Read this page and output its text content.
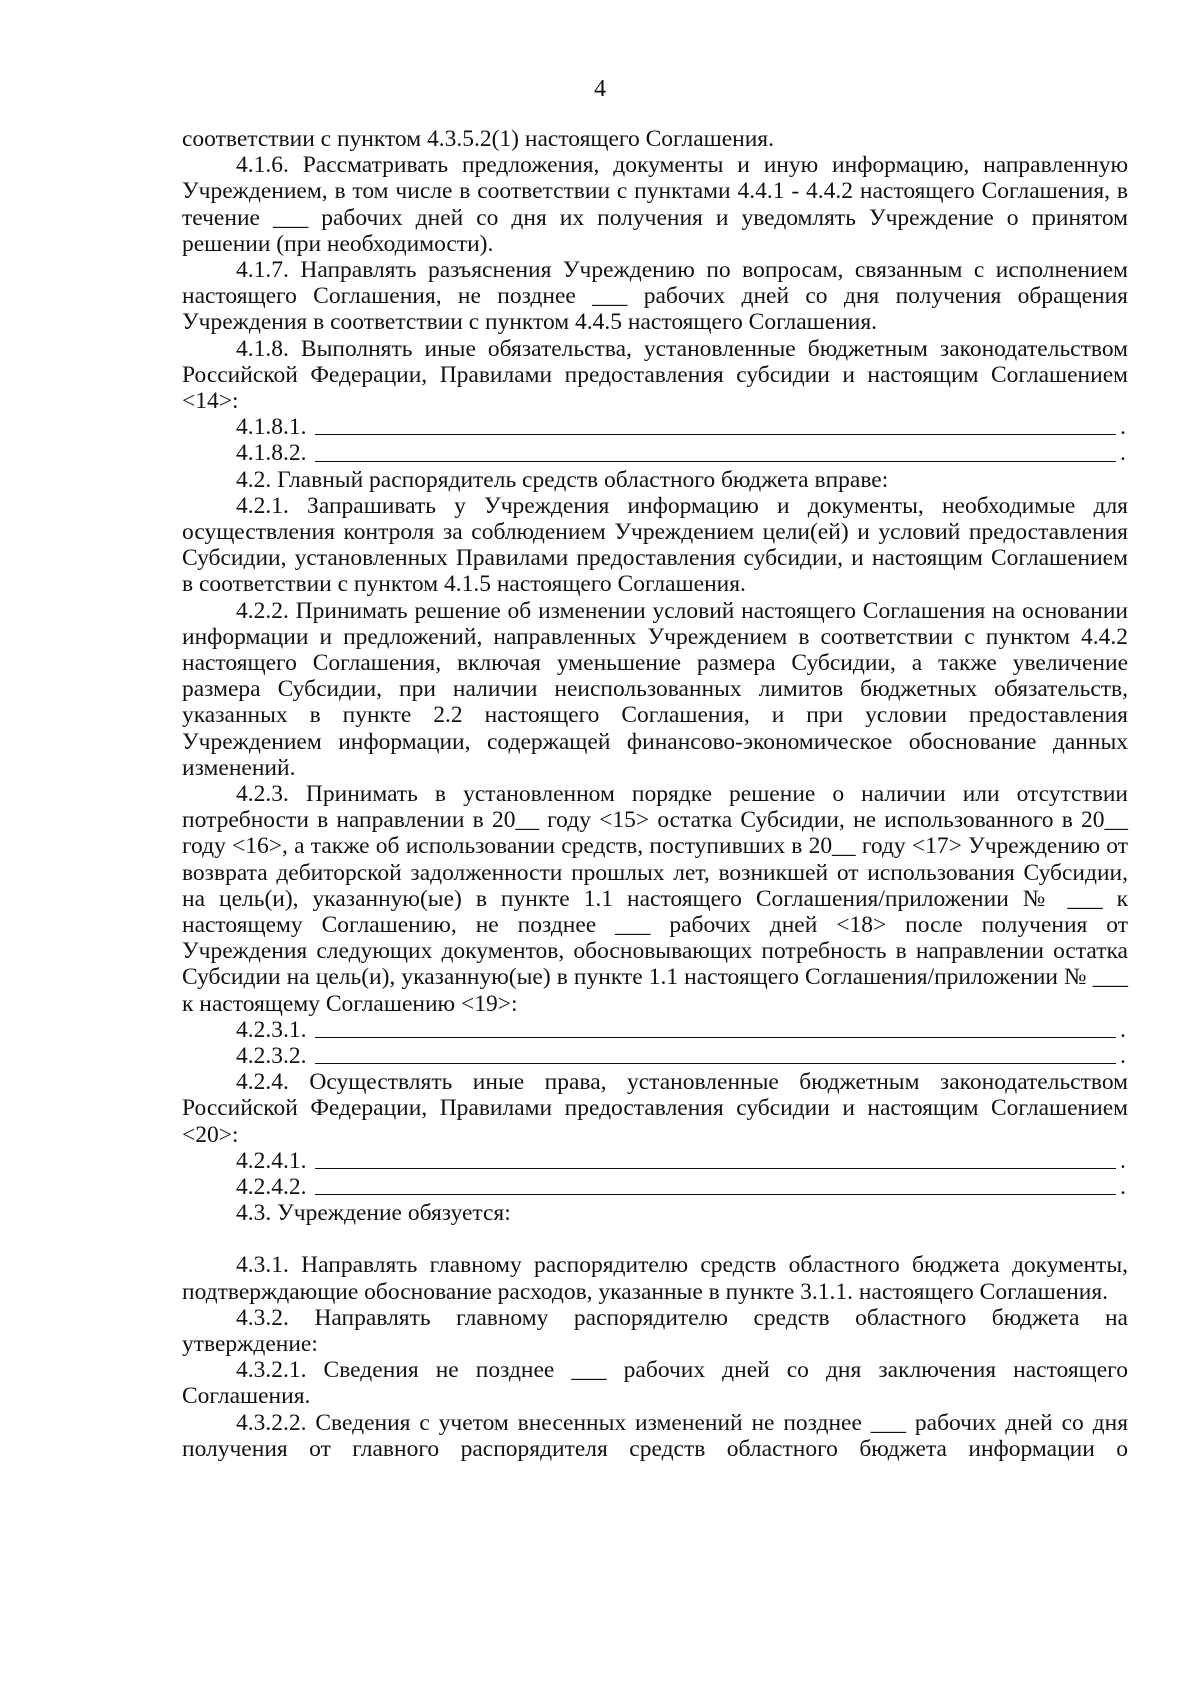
4

соответствии с пунктом 4.3.5.2(1) настоящего Соглашения.

4.1.6. Рассматривать предложения, документы и иную информацию, направленную Учреждением, в том числе в соответствии с пунктами 4.4.1 - 4.4.2 настоящего Соглашения, в течение ___ рабочих дней со дня их получения и уведомлять Учреждение о принятом решении (при необходимости).

4.1.7. Направлять разъяснения Учреждению по вопросам, связанным с исполнением настоящего Соглашения, не позднее ___ рабочих дней со дня получения обращения Учреждения в соответствии с пунктом 4.4.5 настоящего Соглашения.

4.1.8. Выполнять иные обязательства, установленные бюджетным законодательством Российской Федерации, Правилами предоставления субсидии и настоящим Соглашением <14>:

4.1.8.1.	.
4.1.8.2.	.

4.2. Главный распорядитель средств областного бюджета вправе:

4.2.1. Запрашивать у Учреждения информацию и документы, необходимые для осуществления контроля за соблюдением Учреждением цели(ей) и условий предоставления Субсидии, установленных Правилами предоставления субсидии, и настоящим Соглашением в соответствии с пунктом 4.1.5 настоящего Соглашения.

4.2.2. Принимать решение об изменении условий настоящего Соглашения на основании информации и предложений, направленных Учреждением в соответствии с пунктом 4.4.2 настоящего Соглашения, включая уменьшение размера Субсидии, а также увеличение размера Субсидии, при наличии неиспользованных лимитов бюджетных обязательств, указанных в пункте 2.2 настоящего Соглашения, и при условии предоставления Учреждением информации, содержащей финансово-экономическое обоснование данных изменений.

4.2.3. Принимать в установленном порядке решение о наличии или отсутствии потребности в направлении в 20__ году <15> остатка Субсидии, не использованного в 20__ году <16>, а также об использовании средств, поступивших в 20__ году <17> Учреждению от возврата дебиторской задолженности прошлых лет, возникшей от использования Субсидии, на цель(и), указанную(ые) в пункте 1.1 настоящего Соглашения/приложении № ___ к настоящему Соглашению, не позднее ___ рабочих дней <18> после получения от Учреждения следующих документов, обосновывающих потребность в направлении остатка Субсидии на цель(и), указанную(ые) в пункте 1.1 настоящего Соглашения/приложении № ___ к настоящему Соглашению <19>:

4.2.3.1.	.
4.2.3.2.	.

4.2.4. Осуществлять иные права, установленные бюджетным законодательством Российской Федерации, Правилами предоставления субсидии и настоящим Соглашением <20>:

4.2.4.1.	.
4.2.4.2.	.

4.3. Учреждение обязуется:

4.3.1. Направлять главному распорядителю средств областного бюджета документы, подтверждающие обоснование расходов, указанные в пункте 3.1.1. настоящего Соглашения.

4.3.2. Направлять главному распорядителю средств областного бюджета на утверждение:

4.3.2.1. Сведения не позднее ___ рабочих дней со дня заключения настоящего Соглашения.

4.3.2.2. Сведения с учетом внесенных изменений не позднее ___ рабочих дней со дня получения от главного распорядителя средств областного бюджета информации о
